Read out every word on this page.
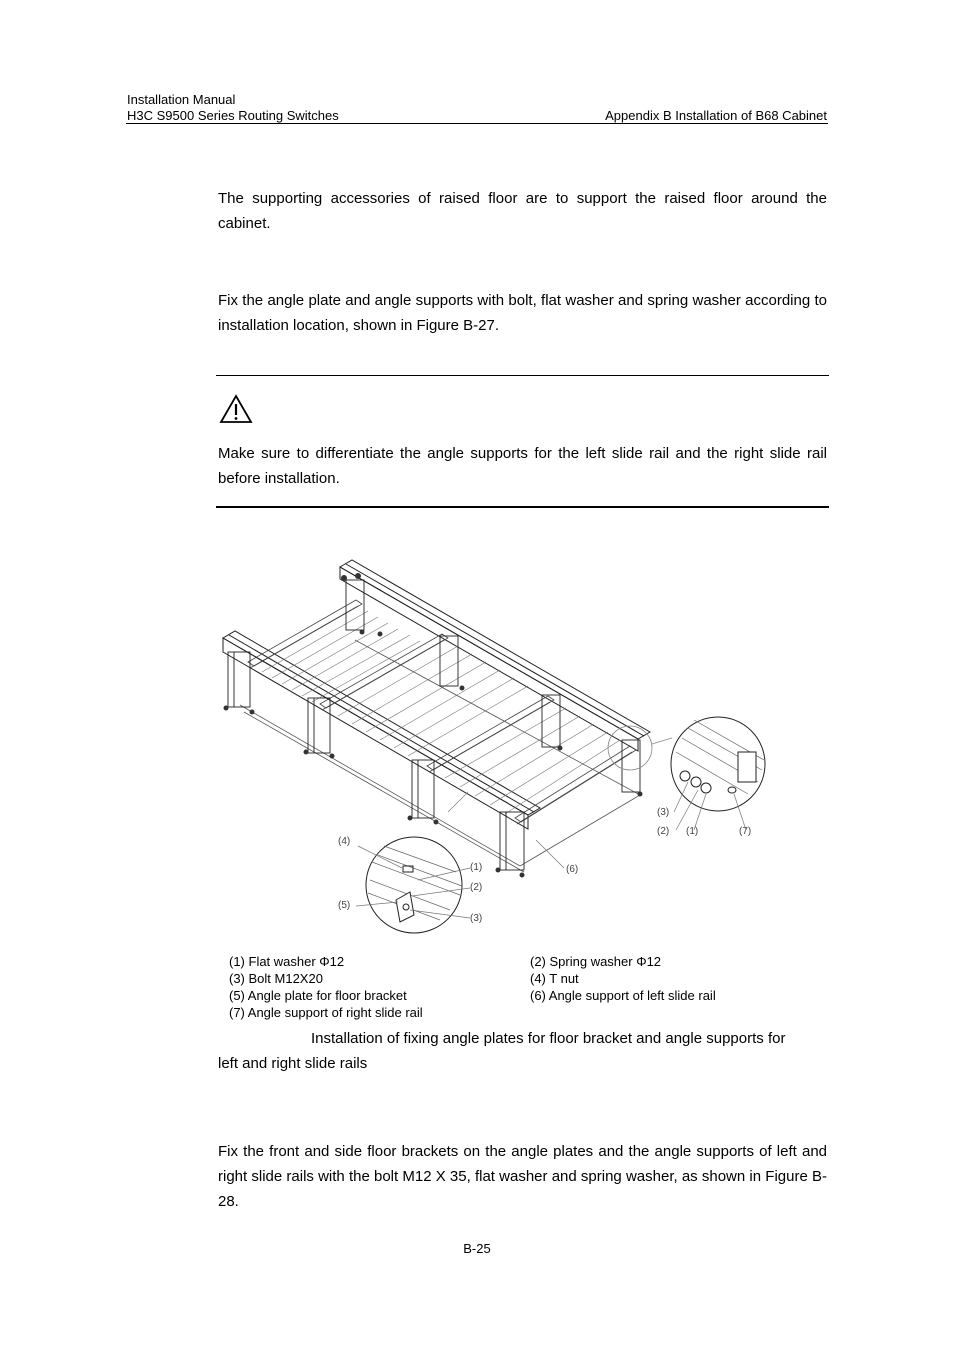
Installation Manual
H3C S9500 Series Routing Switches	Appendix B Installation of B68 Cabinet
The supporting accessories of raised floor are to support the raised floor around the cabinet.
Fix the angle plate and angle supports with bolt, flat washer and spring washer according to installation location, shown in Figure B-27.
Make sure to differentiate the angle supports for the left slide rail and the right slide rail before installation.
(4)
(5)
(1)
(2)
(3)
(6)
(3)
(2) (1)	(7)
(1) Flat washer Φ12
(3) Bolt M12X20
(5) Angle plate for floor bracket
(7) Angle support of right slide rail
(2) Spring washer Φ12
(4) T nut
(6) Angle support of left slide rail
Installation of fixing angle plates for floor bracket and angle supports for
left and right slide rails
Fix the front and side floor brackets on the angle plates and the angle supports of left and right slide rails with the bolt M12 X 35, flat washer and spring washer, as shown in Figure B-28.
B-25
